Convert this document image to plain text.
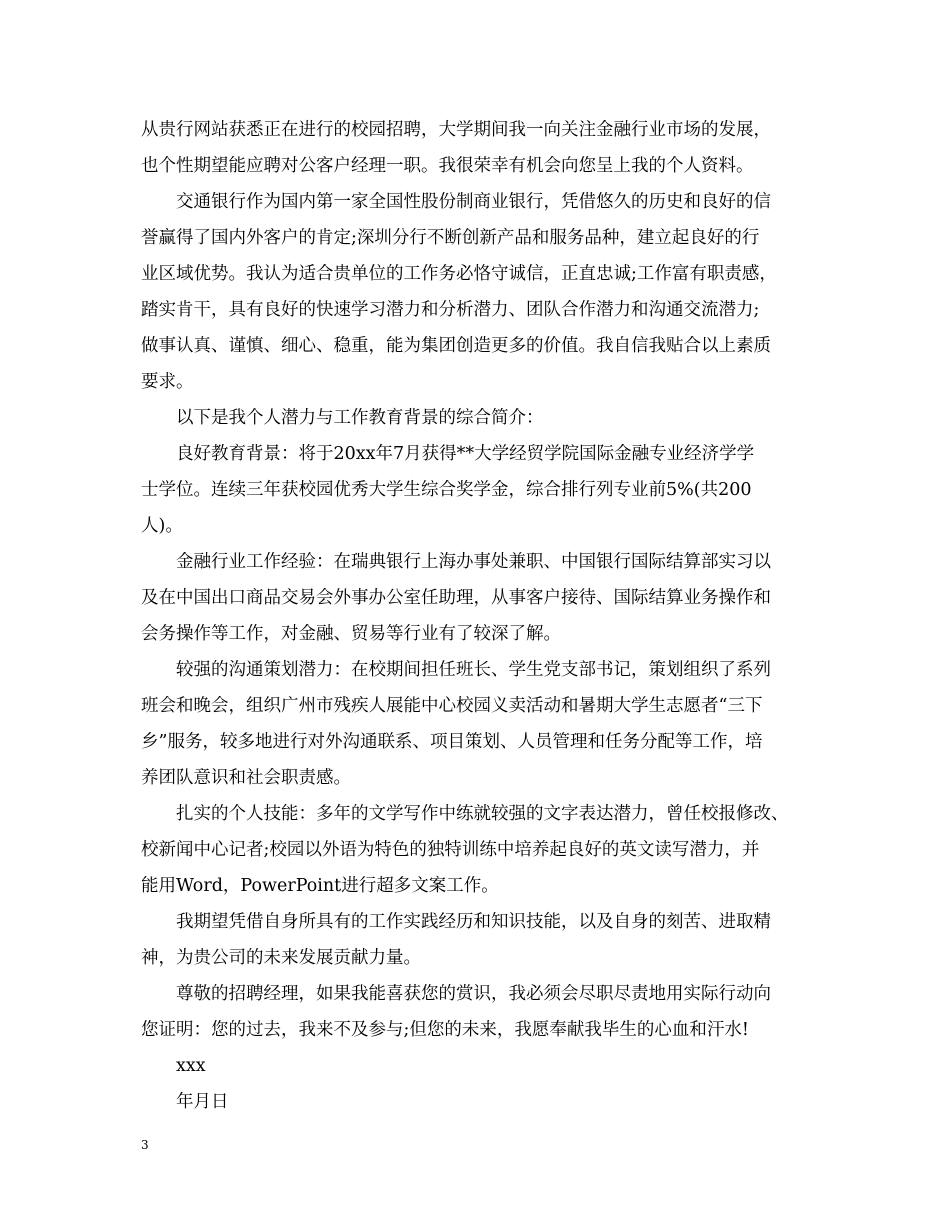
从贵行网站获悉正在进行的校园招聘，大学期间我一向关注金融行业市场的发展，
也个性期望能应聘对公客户经理一职。我很荣幸有机会向您呈上我的个人资料。
交通银行作为国内第一家全国性股份制商业银行，凭借悠久的历史和良好的信
誉赢得了国内外客户的肯定;深圳分行不断创新产品和服务品种，建立起良好的行
业区域优势。我认为适合贵单位的工作务必恪守诚信，正直忠诚;工作富有职责感，
踏实肯干，具有良好的快速学习潜力和分析潜力、团队合作潜力和沟通交流潜力;
做事认真、谨慎、细心、稳重，能为集团创造更多的价值。我自信我贴合以上素质
要求。
以下是我个人潜力与工作教育背景的综合简介：
良好教育背景：将于20xx年7月获得**大学经贸学院国际金融专业经济学学
士学位。连续三年获校园优秀大学生综合奖学金，综合排行列专业前5%(共200
人)。
金融行业工作经验：在瑞典银行上海办事处兼职、中国银行国际结算部实习以
及在中国出口商品交易会外事办公室任助理，从事客户接待、国际结算业务操作和
会务操作等工作，对金融、贸易等行业有了较深了解。
较强的沟通策划潜力：在校期间担任班长、学生党支部书记，策划组织了系列
班会和晚会，组织广州市残疾人展能中心校园义卖活动和暑期大学生志愿者“三下
乡”服务，较多地进行对外沟通联系、项目策划、人员管理和任务分配等工作，培
养团队意识和社会职责感。
扎实的个人技能：多年的文学写作中练就较强的文字表达潜力，曾任校报修改、
校新闻中心记者;校园以外语为特色的独特训练中培养起良好的英文读写潜力，并
能用Word，PowerPoint进行超多文案工作。
我期望凭借自身所具有的工作实践经历和知识技能，以及自身的刻苦、进取精
神，为贵公司的未来发展贡献力量。
尊敬的招聘经理，如果我能喜获您的赏识，我必须会尽职尽责地用实际行动向
您证明：您的过去，我来不及参与;但您的未来，我愿奉献我毕生的心血和汗水!
xxx
年月日
3
